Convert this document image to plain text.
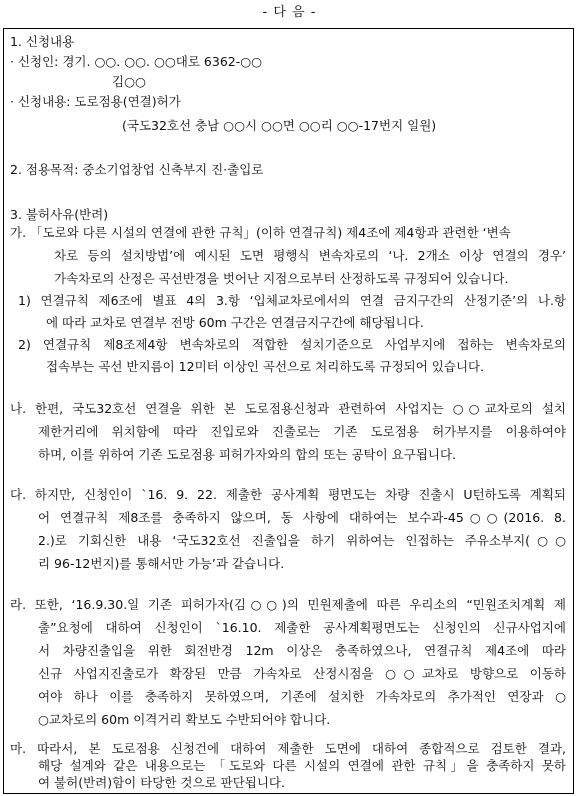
- 다 음 -
1. 신청내용
· 신청인: 경기. ○○. ○○. ○○대로 6362-○○
김○○
· 신청내용: 도로점용(연결)허가
(국도32호선 충남 ○○시 ○○면 ○○리 ○○-17번지 일원)
2. 점용목적: 중소기업창업 신축부지 진·출입로
3. 불허사유(반려)
가. 「도로와 다른 시설의 연결에 관한 규칙」(이하 연결규칙) 제4조에 제4항과 관련한 ‘변속
차로 등의 설치방법’에 예시된 도면 평행식 변속차로의 ‘나. 2개소 이상 연결의 경우’
가속차로의 산정은 곡선반경을 벗어난 지점으로부터 산정하도록 규정되어 있습니다.
1) 연결규칙 제6조에 별표 4의 3.항 ‘입체교차로에서의 연결 금지구간의 산정기준’의 나.항
에 따라 교차로 연결부 전방 60m 구간은 연결금지구간에 해당됩니다.
2) 연결규칙 제8조제4항 변속차로의 적합한 설치기준으로 사업부지에 접하는 변속차로의
접속부는 곡선 반지름이 12미터 이상인 곡선으로 처리하도록 규정되어 있습니다.
나. 한편, 국도32호선 연결을 위한 본 도로점용신청과 관련하여 사업지는 ○○교차로의 설치
제한거리에 위치함에 따라 진입로와 진출로는 기존 도로점용 허가부지를 이용하여야
하며, 이를 위하여 기존 도로점용 피허가자와의 합의 또는 공탁이 요구됩니다.
다. 하지만, 신청인이 `16. 9. 22. 제출한 공사계획 평면도는 차량 진출시 U턴하도록 계획되
어 연결규칙 제8조를 충족하지 않으며, 동 사항에 대하여는 보수과-45○○(2016. 8.
2.)로 기회신한 내용 ‘국도32호선 진출입을 하기 위하여는 인접하는 주유소부지(○○
리 96-12번지)를 통해서만 가능’과 같습니다.
라. 또한, ‘16.9.30.일 기존 피허가자(김○○)의 민원제출에 따른 우리소의 “민원조치계획 제
출”요청에 대하여 신청인이 `16.10. 제출한 공사계획평면도는 신청인의 신규사업지에
서 차량진출입을 위한 회전반경 12m 이상은 충족하였으나, 연결규칙 제4조에 따라
신규 사업지진출로가 확장된 만큼 가속차로 산정시점을 ○○교차로 방향으로 이동하
여야 하나 이를 충족하지 못하였으며, 기존에 설치한 가속차로의 추가적인 연장과 ○
○교차로의 60m 이격거리 확보도 수반되어야 합니다.
마. 따라서, 본 도로점용 신청건에 대하여 제출한 도면에 대하여 종합적으로 검토한 결과,
해당 설계와 같은 내용으로는 「도로와 다른 시설의 연결에 관한 규칙」을 충족하지 못하
여 불허(반려)함이 타당한 것으로 판단됩니다.
